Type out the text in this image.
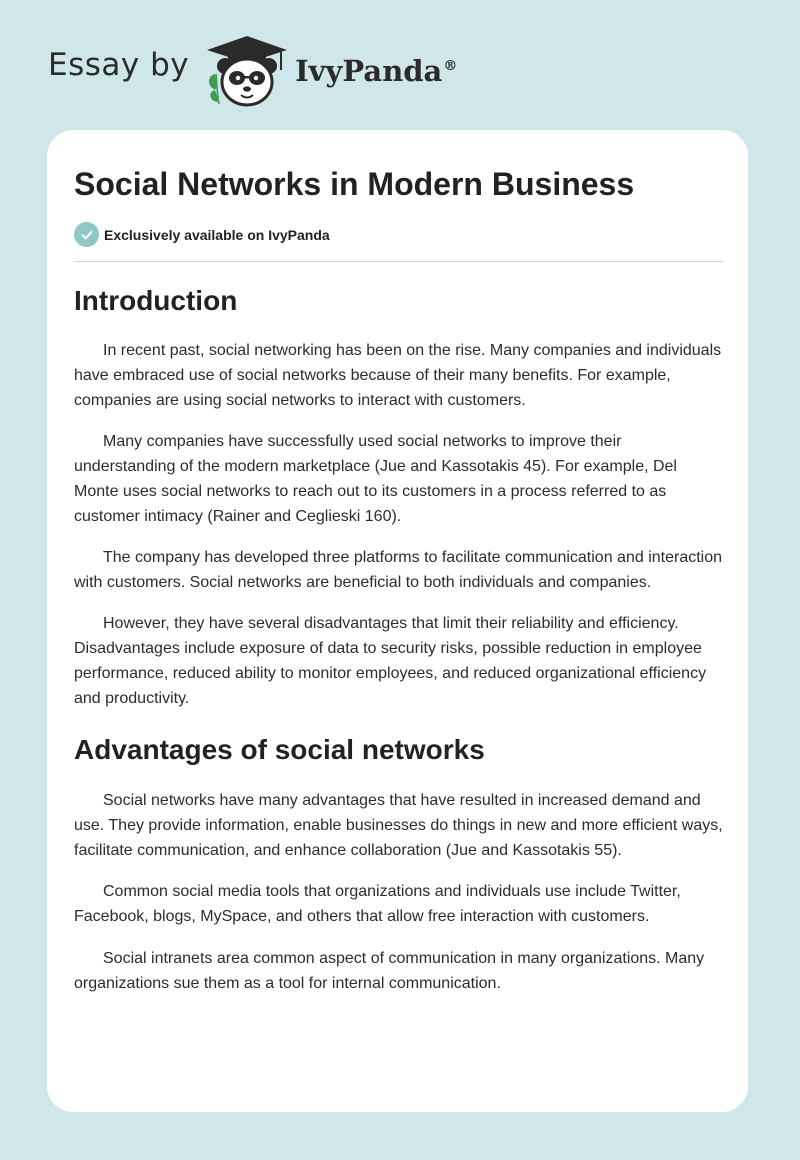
Essay by	IvyPanda®
Social Networks in Modern Business
Exclusively available on IvyPanda
Introduction

In recent past, social networking has been on the rise. Many companies and individuals have embraced use of social networks because of their many benefits. For example, companies are using social networks to interact with customers.

Many companies have successfully used social networks to improve their understanding of the modern marketplace (Jue and Kassotakis 45). For example, Del Monte uses social networks to reach out to its customers in a process referred to as customer intimacy (Rainer and Ceglieski 160).

The company has developed three platforms to facilitate communication and interaction with customers. Social networks are beneficial to both individuals and companies.

However, they have several disadvantages that limit their reliability and efficiency. Disadvantages include exposure of data to security risks, possible reduction in employee performance, reduced ability to monitor employees, and reduced organizational efficiency and productivity.

Advantages of social networks

Social networks have many advantages that have resulted in increased demand and use. They provide information, enable businesses do things in new and more efficient ways, facilitate communication, and enhance collaboration (Jue and Kassotakis 55).

Common social media tools that organizations and individuals use include Twitter, Facebook, blogs, MySpace, and others that allow free interaction with customers.

Social intranets area common aspect of communication in many organizations. Many organizations sue them as a tool for internal communication.
